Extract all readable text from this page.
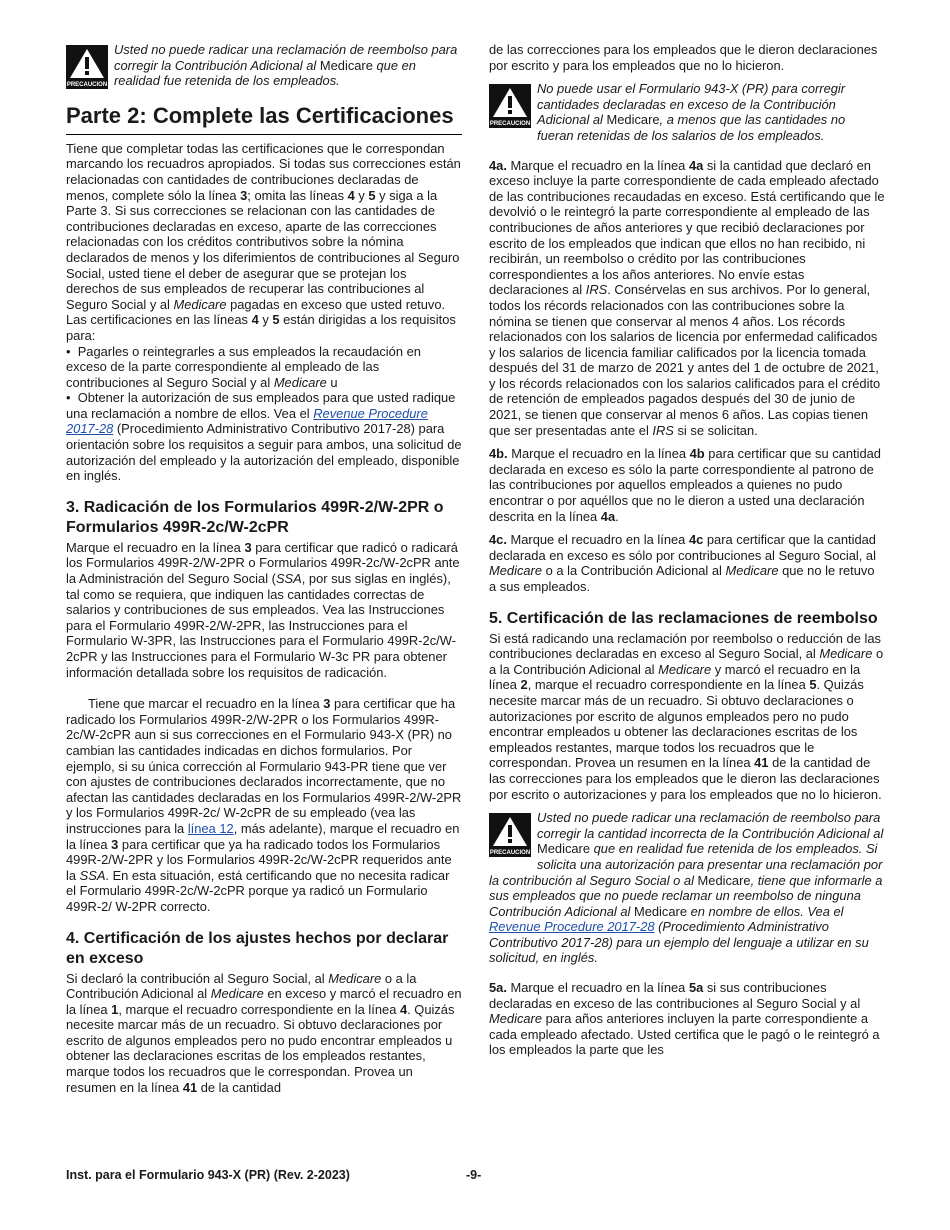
PRECAUCION
Usted no puede radicar una reclamación de reembolso para corregir la Contribución Adicional al Medicare que en realidad fue retenida de los empleados.
Parte 2: Complete las Certificaciones

Tiene que completar todas las certificaciones que le correspondan marcando los recuadros apropiados. Si todas sus correcciones están relacionadas con cantidades de contribuciones declaradas de menos, complete sólo la línea 3; omita las líneas 4 y 5 y siga a la Parte 3. Si sus correcciones se relacionan con las cantidades de contribuciones declaradas en exceso, aparte de las correcciones relacionadas con los créditos contributivos sobre la nómina declarados de menos y los diferimientos de contribuciones al Seguro Social, usted tiene el deber de asegurar que se protejan los derechos de sus empleados de recuperar las contribuciones al Seguro Social y al Medicare pagadas en exceso que usted retuvo. Las certificaciones en las líneas 4 y 5 están dirigidas a los requisitos para:
•  Pagarles o reintegrarles a sus empleados la recaudación en exceso de la parte correspondiente al empleado de las contribuciones al Seguro Social y al Medicare u
•  Obtener la autorización de sus empleados para que usted radique una reclamación a nombre de ellos. Vea el Revenue Procedure 2017-28 (Procedimiento Administrativo Contributivo 2017-28) para orientación sobre los requisitos a seguir para ambos, una solicitud de autorización del empleado y la autorización del empleado, disponible en inglés.

3. Radicación de los Formularios 499R-2/W-2PR o Formularios 499R-2c/W-2cPR

Marque el recuadro en la línea 3 para certificar que radicó o radicará los Formularios 499R-2/W-2PR o Formularios 499R-2c/W-2cPR ante la Administración del Seguro Social (SSA, por sus siglas en inglés), tal como se requiera, que indiquen las cantidades correctas de salarios y contribuciones de sus empleados. Vea las Instrucciones para el Formulario 499R-2/W-2PR, las Instrucciones para el Formulario W-3PR, las Instrucciones para el Formulario 499R-2c/W-2cPR y las Instrucciones para el Formulario W-3c PR para obtener información detallada sobre los requisitos de radicación.

Tiene que marcar el recuadro en la línea 3 para certificar que ha radicado los Formularios 499R-2/W-2PR o los Formularios 499R-2c/W-2cPR aun si sus correcciones en el Formulario 943-X (PR) no cambian las cantidades indicadas en dichos formularios. Por ejemplo, si su única corrección al Formulario 943-PR tiene que ver con ajustes de contribuciones declarados incorrectamente, que no afectan las cantidades declaradas en los Formularios 499R-2/W-2PR y los Formularios 499R-2c/ W-2cPR de su empleado (vea las instrucciones para la línea 12, más adelante), marque el recuadro en la línea 3 para certificar que ya ha radicado todos los Formularios 499R-2/W-2PR y los Formularios 499R-2c/W-2cPR requeridos ante la SSA. En esta situación, está certificando que no necesita radicar el Formulario 499R-2c/W-2cPR porque ya radicó un Formulario 499R-2/ W-2PR correcto.

4. Certificación de los ajustes hechos por declarar en exceso

Si declaró la contribución al Seguro Social, al Medicare o a la Contribución Adicional al Medicare en exceso y marcó el recuadro en la línea 1, marque el recuadro correspondiente en la línea 4. Quizás necesite marcar más de un recuadro. Si obtuvo declaraciones por escrito de algunos empleados pero no pudo encontrar empleados u obtener las declaraciones escritas de los empleados restantes, marque todos los recuadros que le correspondan. Provea un resumen en la línea 41 de la cantidad

de las correcciones para los empleados que le dieron declaraciones por escrito y para los empleados que no lo hicieron.

PRECAUCION
No puede usar el Formulario 943-X (PR) para corregir cantidades declaradas en exceso de la Contribución Adicional al Medicare, a menos que las cantidades no fueran retenidas de los salarios de los empleados.

4a. Marque el recuadro en la línea 4a si la cantidad que declaró en exceso incluye la parte correspondiente de cada empleado afectado de las contribuciones recaudadas en exceso. Está certificando que le devolvió o le reintegró la parte correspondiente al empleado de las contribuciones de años anteriores y que recibió declaraciones por escrito de los empleados que indican que ellos no han recibido, ni recibirán, un reembolso o crédito por las contribuciones correspondientes a los años anteriores. No envíe estas declaraciones al IRS. Consérvelas en sus archivos. Por lo general, todos los récords relacionados con las contribuciones sobre la nómina se tienen que conservar al menos 4 años. Los récords relacionados con los salarios de licencia por enfermedad calificados y los salarios de licencia familiar calificados por la licencia tomada después del 31 de marzo de 2021 y antes del 1 de octubre de 2021, y los récords relacionados con los salarios calificados para el crédito de retención de empleados pagados después del 30 de junio de 2021, se tienen que conservar al menos 6 años. Las copias tienen que ser presentadas ante el IRS si se solicitan.

4b. Marque el recuadro en la línea 4b para certificar que su cantidad declarada en exceso es sólo la parte correspondiente al patrono de las contribuciones por aquellos empleados a quienes no pudo encontrar o por aquéllos que no le dieron a usted una declaración descrita en la línea 4a.

4c. Marque el recuadro en la línea 4c para certificar que la cantidad declarada en exceso es sólo por contribuciones al Seguro Social, al Medicare o a la Contribución Adicional al Medicare que no le retuvo a sus empleados.

5. Certificación de las reclamaciones de reembolso

Si está radicando una reclamación por reembolso o reducción de las contribuciones declaradas en exceso al Seguro Social, al Medicare o a la Contribución Adicional al Medicare y marcó el recuadro en la línea 2, marque el recuadro correspondiente en la línea 5. Quizás necesite marcar más de un recuadro. Si obtuvo declaraciones o autorizaciones por escrito de algunos empleados pero no pudo encontrar empleados u obtener las declaraciones escritas de los empleados restantes, marque todos los recuadros que le correspondan. Provea un resumen en la línea 41 de la cantidad de las correcciones para los empleados que le dieron las declaraciones por escrito o autorizaciones y para los empleados que no lo hicieron.

PRECAUCION
Usted no puede radicar una reclamación de reembolso para corregir la cantidad incorrecta de la Contribución Adicional al Medicare que en realidad fue retenida de los empleados. Si solicita una autorización para presentar una reclamación por la contribución al Seguro Social o al Medicare, tiene que informarle a sus empleados que no puede reclamar un reembolso de ninguna Contribución Adicional al Medicare en nombre de ellos. Vea el Revenue Procedure 2017-28 (Procedimiento Administrativo Contributivo 2017-28) para un ejemplo del lenguaje a utilizar en su solicitud, en inglés.

5a. Marque el recuadro en la línea 5a si sus contribuciones declaradas en exceso de las contribuciones al Seguro Social y al Medicare para años anteriores incluyen la parte correspondiente a cada empleado afectado. Usted certifica que le pagó o le reintegró a los empleados la parte que les

Inst. para el Formulario 943-X (PR) (Rev. 2-2023)	-9-
